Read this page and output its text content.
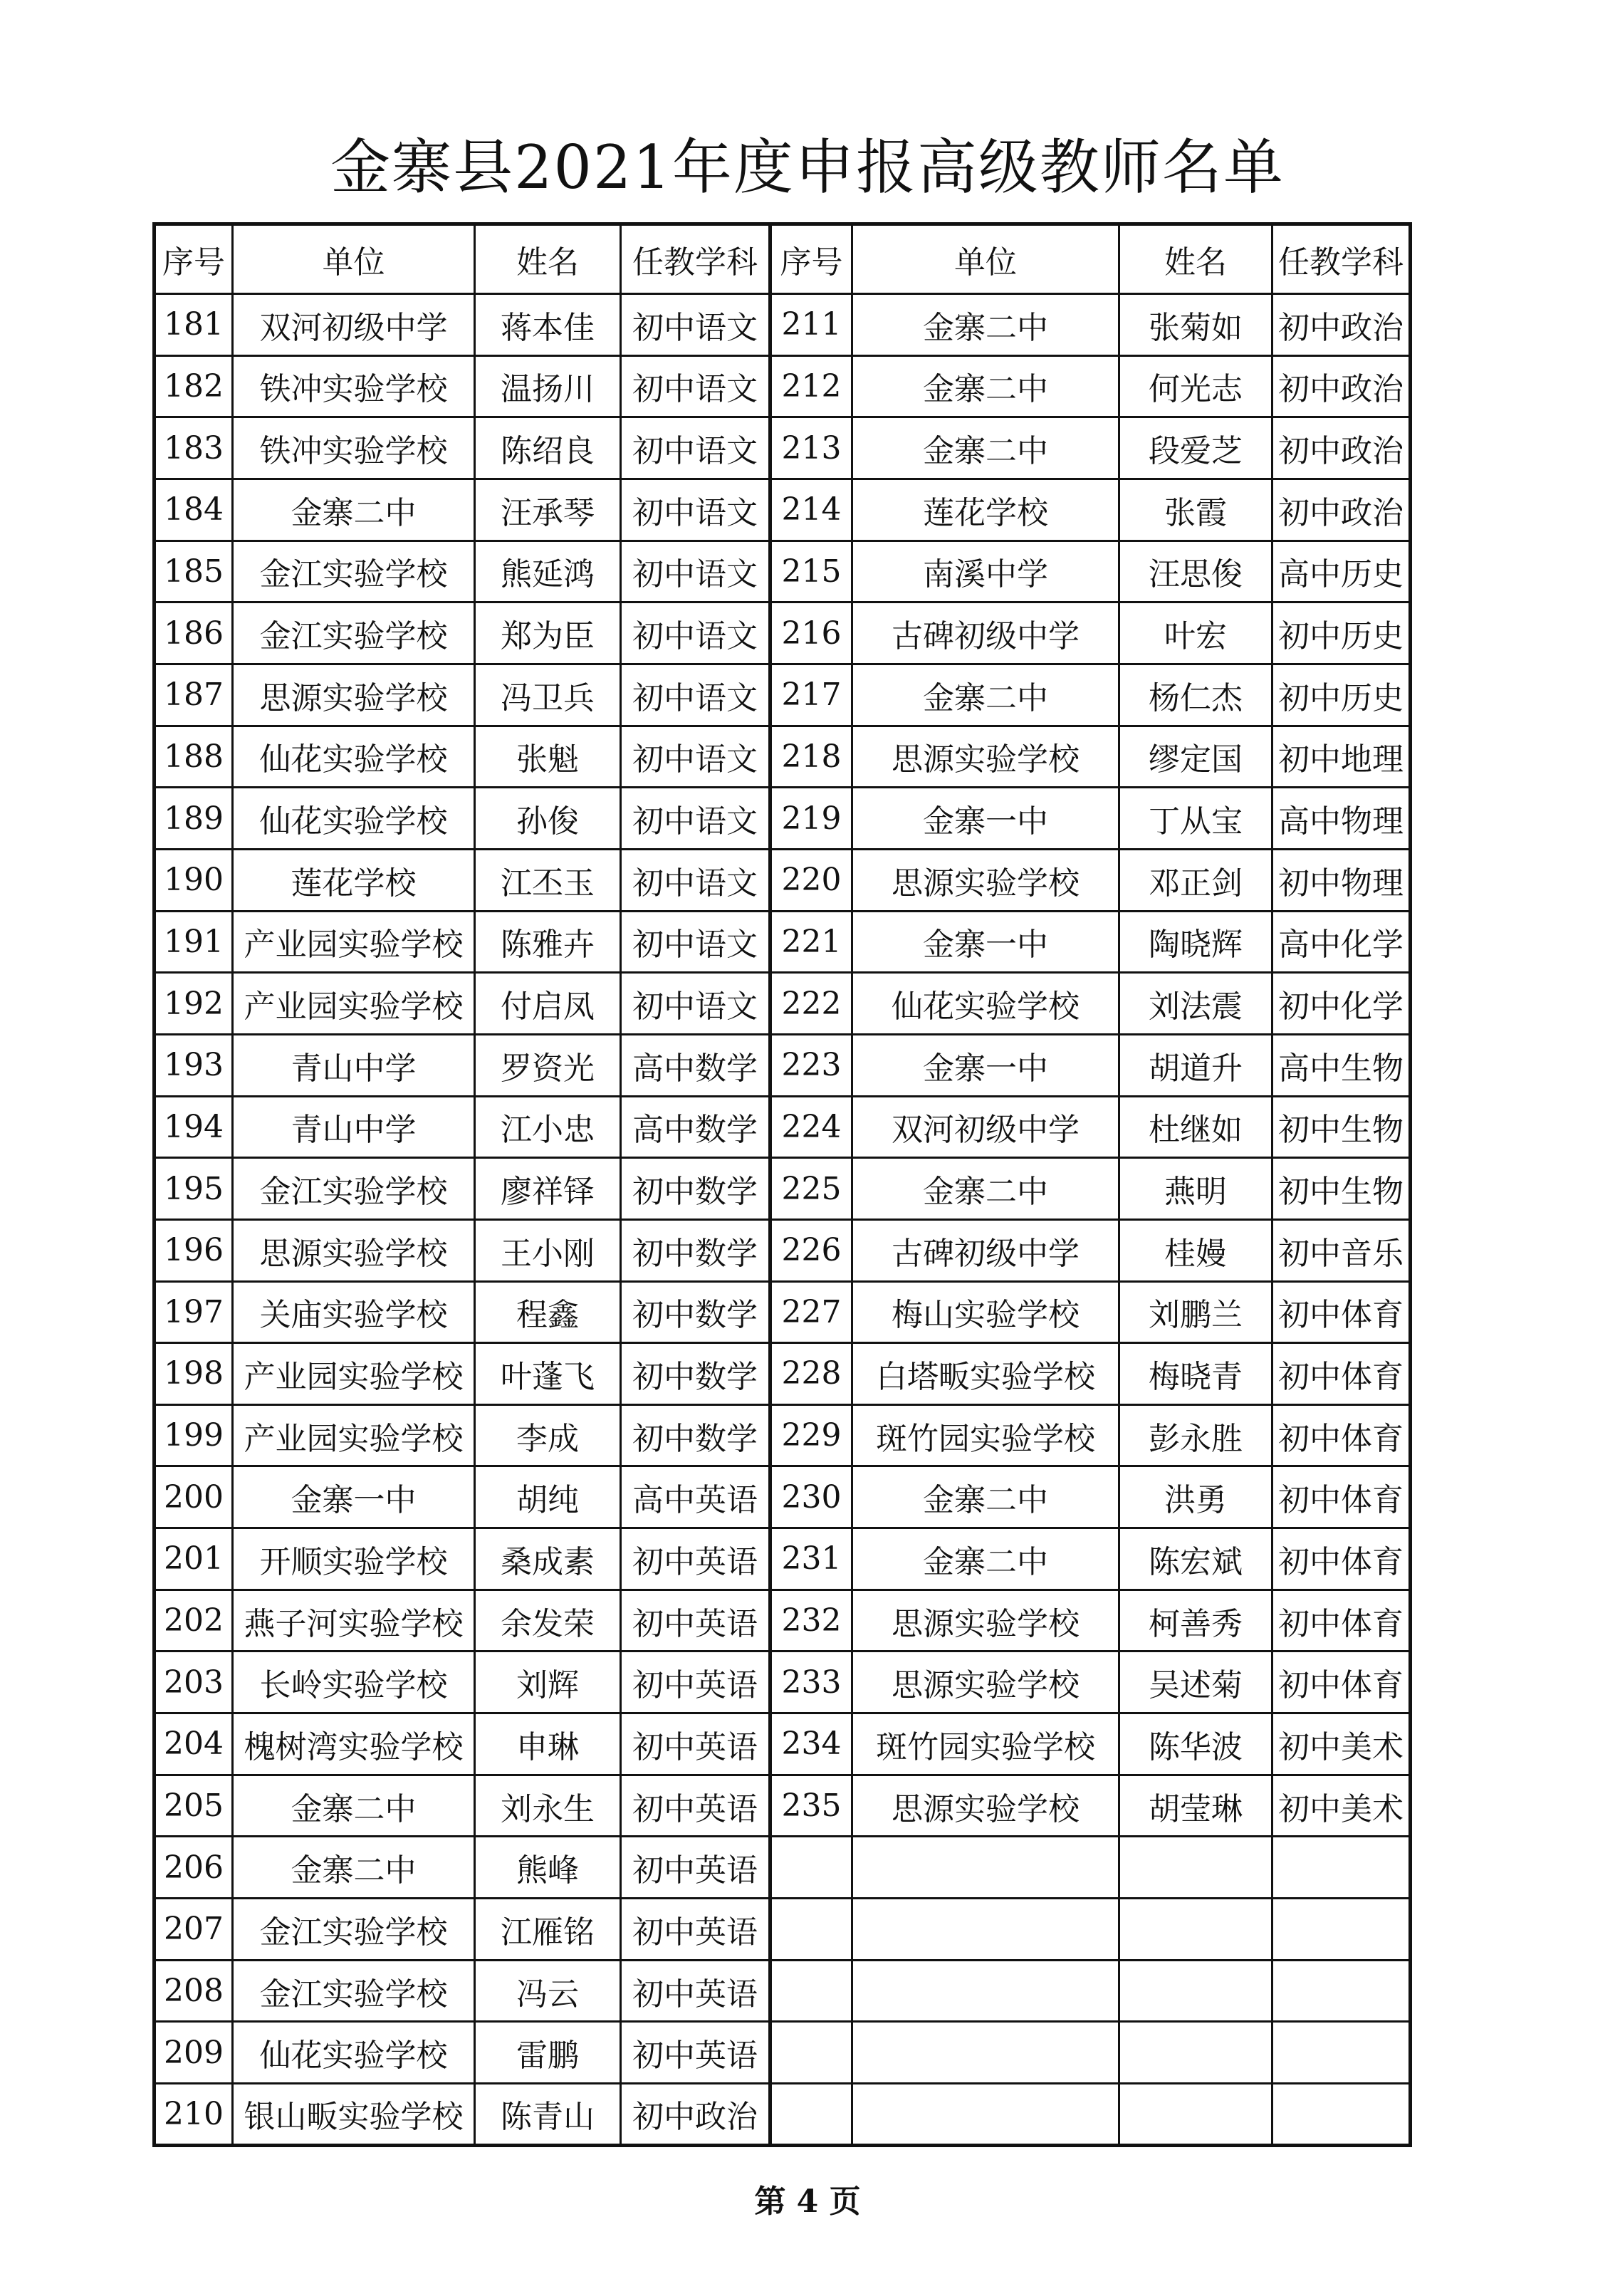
金寨县2021年度申报高级教师名单
序号	单位	姓名	任教学科	序号	单位	姓名	任教学科
181	双河初级中学	蒋本佳	初中语文	211	金寨二中	张菊如	初中政治
182	铁冲实验学校	温扬川	初中语文	212	金寨二中	何光志	初中政治
183	铁冲实验学校	陈绍良	初中语文	213	金寨二中	段爱芝	初中政治
184	金寨二中	汪承琴	初中语文	214	莲花学校	张霞	初中政治
185	金江实验学校	熊延鸿	初中语文	215	南溪中学	汪思俊	高中历史
186	金江实验学校	郑为臣	初中语文	216	古碑初级中学	叶宏	初中历史
187	思源实验学校	冯卫兵	初中语文	217	金寨二中	杨仁杰	初中历史
188	仙花实验学校	张魁	初中语文	218	思源实验学校	缪定国	初中地理
189	仙花实验学校	孙俊	初中语文	219	金寨一中	丁从宝	高中物理
190	莲花学校	江丕玉	初中语文	220	思源实验学校	邓正剑	初中物理
191	产业园实验学校	陈雅卉	初中语文	221	金寨一中	陶晓辉	高中化学
192	产业园实验学校	付启凤	初中语文	222	仙花实验学校	刘法震	初中化学
193	青山中学	罗资光	高中数学	223	金寨一中	胡道升	高中生物
194	青山中学	江小忠	高中数学	224	双河初级中学	杜继如	初中生物
195	金江实验学校	廖祥铎	初中数学	225	金寨二中	燕明	初中生物
196	思源实验学校	王小刚	初中数学	226	古碑初级中学	桂嫚	初中音乐
197	关庙实验学校	程鑫	初中数学	227	梅山实验学校	刘鹏兰	初中体育
198	产业园实验学校	叶蓬飞	初中数学	228	白塔畈实验学校	梅晓青	初中体育
199	产业园实验学校	李成	初中数学	229	斑竹园实验学校	彭永胜	初中体育
200	金寨一中	胡纯	高中英语	230	金寨二中	洪勇	初中体育
201	开顺实验学校	桑成素	初中英语	231	金寨二中	陈宏斌	初中体育
202	燕子河实验学校	余发荣	初中英语	232	思源实验学校	柯善秀	初中体育
203	长岭实验学校	刘辉	初中英语	233	思源实验学校	吴述菊	初中体育
204	槐树湾实验学校	申琳	初中英语	234	斑竹园实验学校	陈华波	初中美术
205	金寨二中	刘永生	初中英语	235	思源实验学校	胡莹琳	初中美术
206	金寨二中	熊峰	初中英语				
207	金江实验学校	江雁铭	初中英语				
208	金江实验学校	冯云	初中英语				
209	仙花实验学校	雷鹏	初中英语				
210	银山畈实验学校	陈青山	初中政治				
第 4 页
